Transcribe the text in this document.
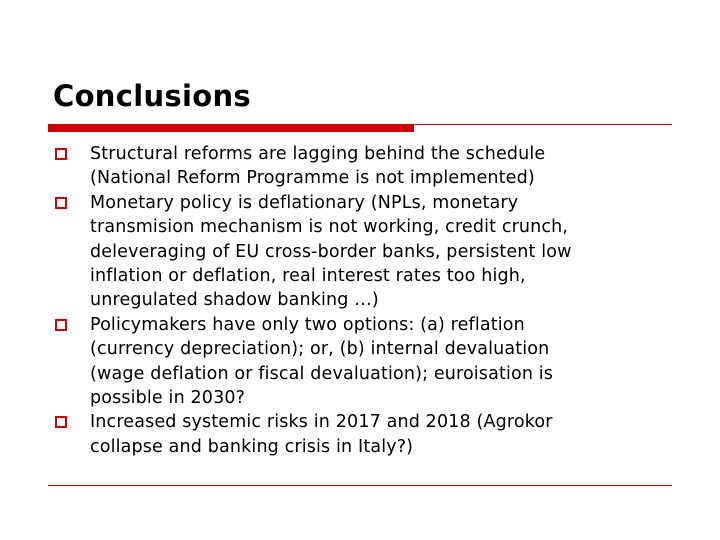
Conclusions
Structural reforms are lagging behind the schedule
(National Reform Programme is not implemented)
Monetary policy is deflationary (NPLs, monetary
transmision mechanism is not working, credit crunch,
deleveraging of EU cross-border banks, persistent low
inflation or deflation, real interest rates too high,
unregulated shadow banking …)
Policymakers have only two options: (a) reflation
(currency depreciation); or, (b) internal devaluation
(wage deflation or fiscal devaluation); euroisation is
possible in 2030?
Increased systemic risks in 2017 and 2018 (Agrokor
collapse and banking crisis in Italy?)
